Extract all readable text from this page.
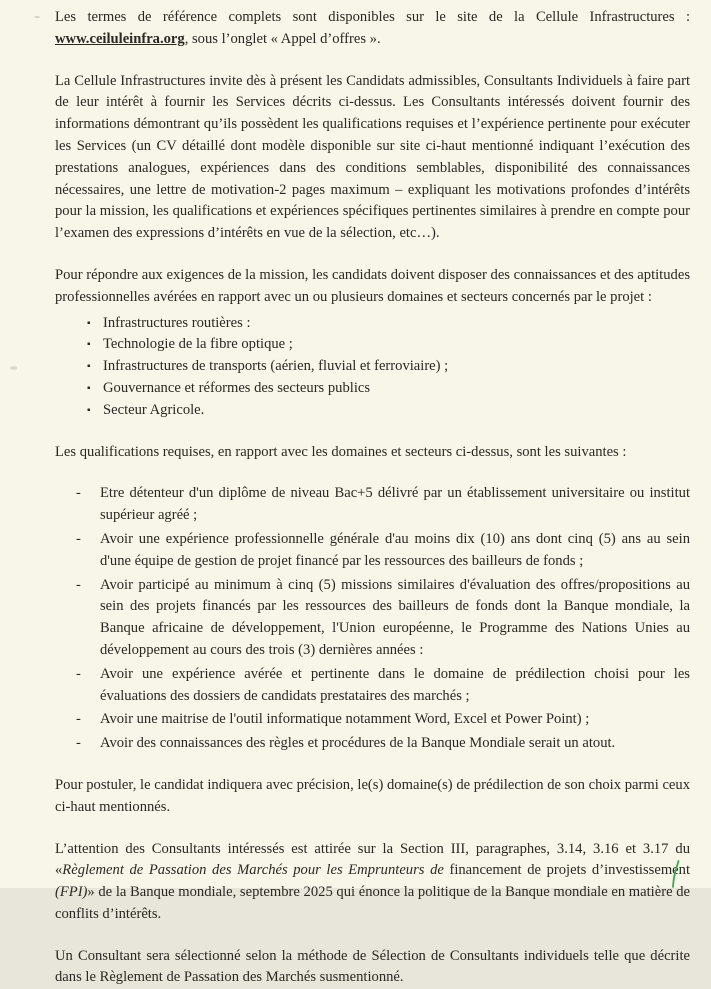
Les termes de référence complets sont disponibles sur le site de la Cellule Infrastructures : www.ceiluleinfra.org, sous l’onglet « Appel d’offres ».

La Cellule Infrastructures invite dès à présent les Candidats admissibles, Consultants Individuels à faire part de leur intérêt à fournir les Services décrits ci-dessus. Les Consultants intéressés doivent fournir des informations démontrant qu’ils possèdent les qualifications requises et l’expérience pertinente pour exécuter les Services (un CV détaillé dont modèle disponible sur site ci-haut mentionné indiquant l’exécution des prestations analogues, expériences dans des conditions semblables, disponibilité des connaissances nécessaires, une lettre de motivation-2 pages maximum – expliquant les motivations profondes d’intérêts pour la mission, les qualifications et expériences spécifiques pertinentes similaires à prendre en compte pour l’examen des expressions d’intérêts en vue de la sélection, etc…).

Pour répondre aux exigences de la mission, les candidats doivent disposer des connaissances et des aptitudes professionnelles avérées en rapport avec un ou plusieurs domaines et secteurs concernés par le projet :

▪ Infrastructures routières :
▪ Technologie de la fibre optique ;
▪ Infrastructures de transports (aérien, fluvial et ferroviaire) ;
▪ Gouvernance et réformes des secteurs publics
▪ Secteur Agricole.

Les qualifications requises, en rapport avec les domaines et secteurs ci-dessus, sont les suivantes :

- Etre détenteur d'un diplôme de niveau Bac+5 délivré par un établissement universitaire ou institut supérieur agréé ;
- Avoir une expérience professionnelle générale d'au moins dix (10) ans dont cinq (5) ans au sein d'une équipe de gestion de projet financé par les ressources des bailleurs de fonds ;
- Avoir participé au minimum à cinq (5) missions similaires d'évaluation des offres/propositions au sein des projets financés par les ressources des bailleurs de fonds dont la Banque mondiale, la Banque africaine de développement, l'Union européenne, le Programme des Nations Unies au développement au cours des trois (3) dernières années :
- Avoir une expérience avérée et pertinente dans le domaine de prédilection choisi pour les évaluations des dossiers de candidats prestataires des marchés ;
- Avoir une maitrise de l'outil informatique notamment Word, Excel et Power Point) ;
- Avoir des connaissances des règles et procédures de la Banque Mondiale serait un atout.

Pour postuler, le candidat indiquera avec précision, le(s) domaine(s) de prédilection de son choix parmi ceux ci-haut mentionnés.

L’attention des Consultants intéressés est attirée sur la Section III, paragraphes, 3.14, 3.16 et 3.17 du «Règlement de Passation des Marchés pour les Emprunteurs de financement de projets d’investissement (FPI)» de la Banque mondiale, septembre 2025 qui énonce la politique de la Banque mondiale en matière de conflits d’intérêts.

Un Consultant sera sélectionné selon la méthode de Sélection de Consultants individuels telle que décrite dans le Règlement de Passation des Marchés susmentionné.
